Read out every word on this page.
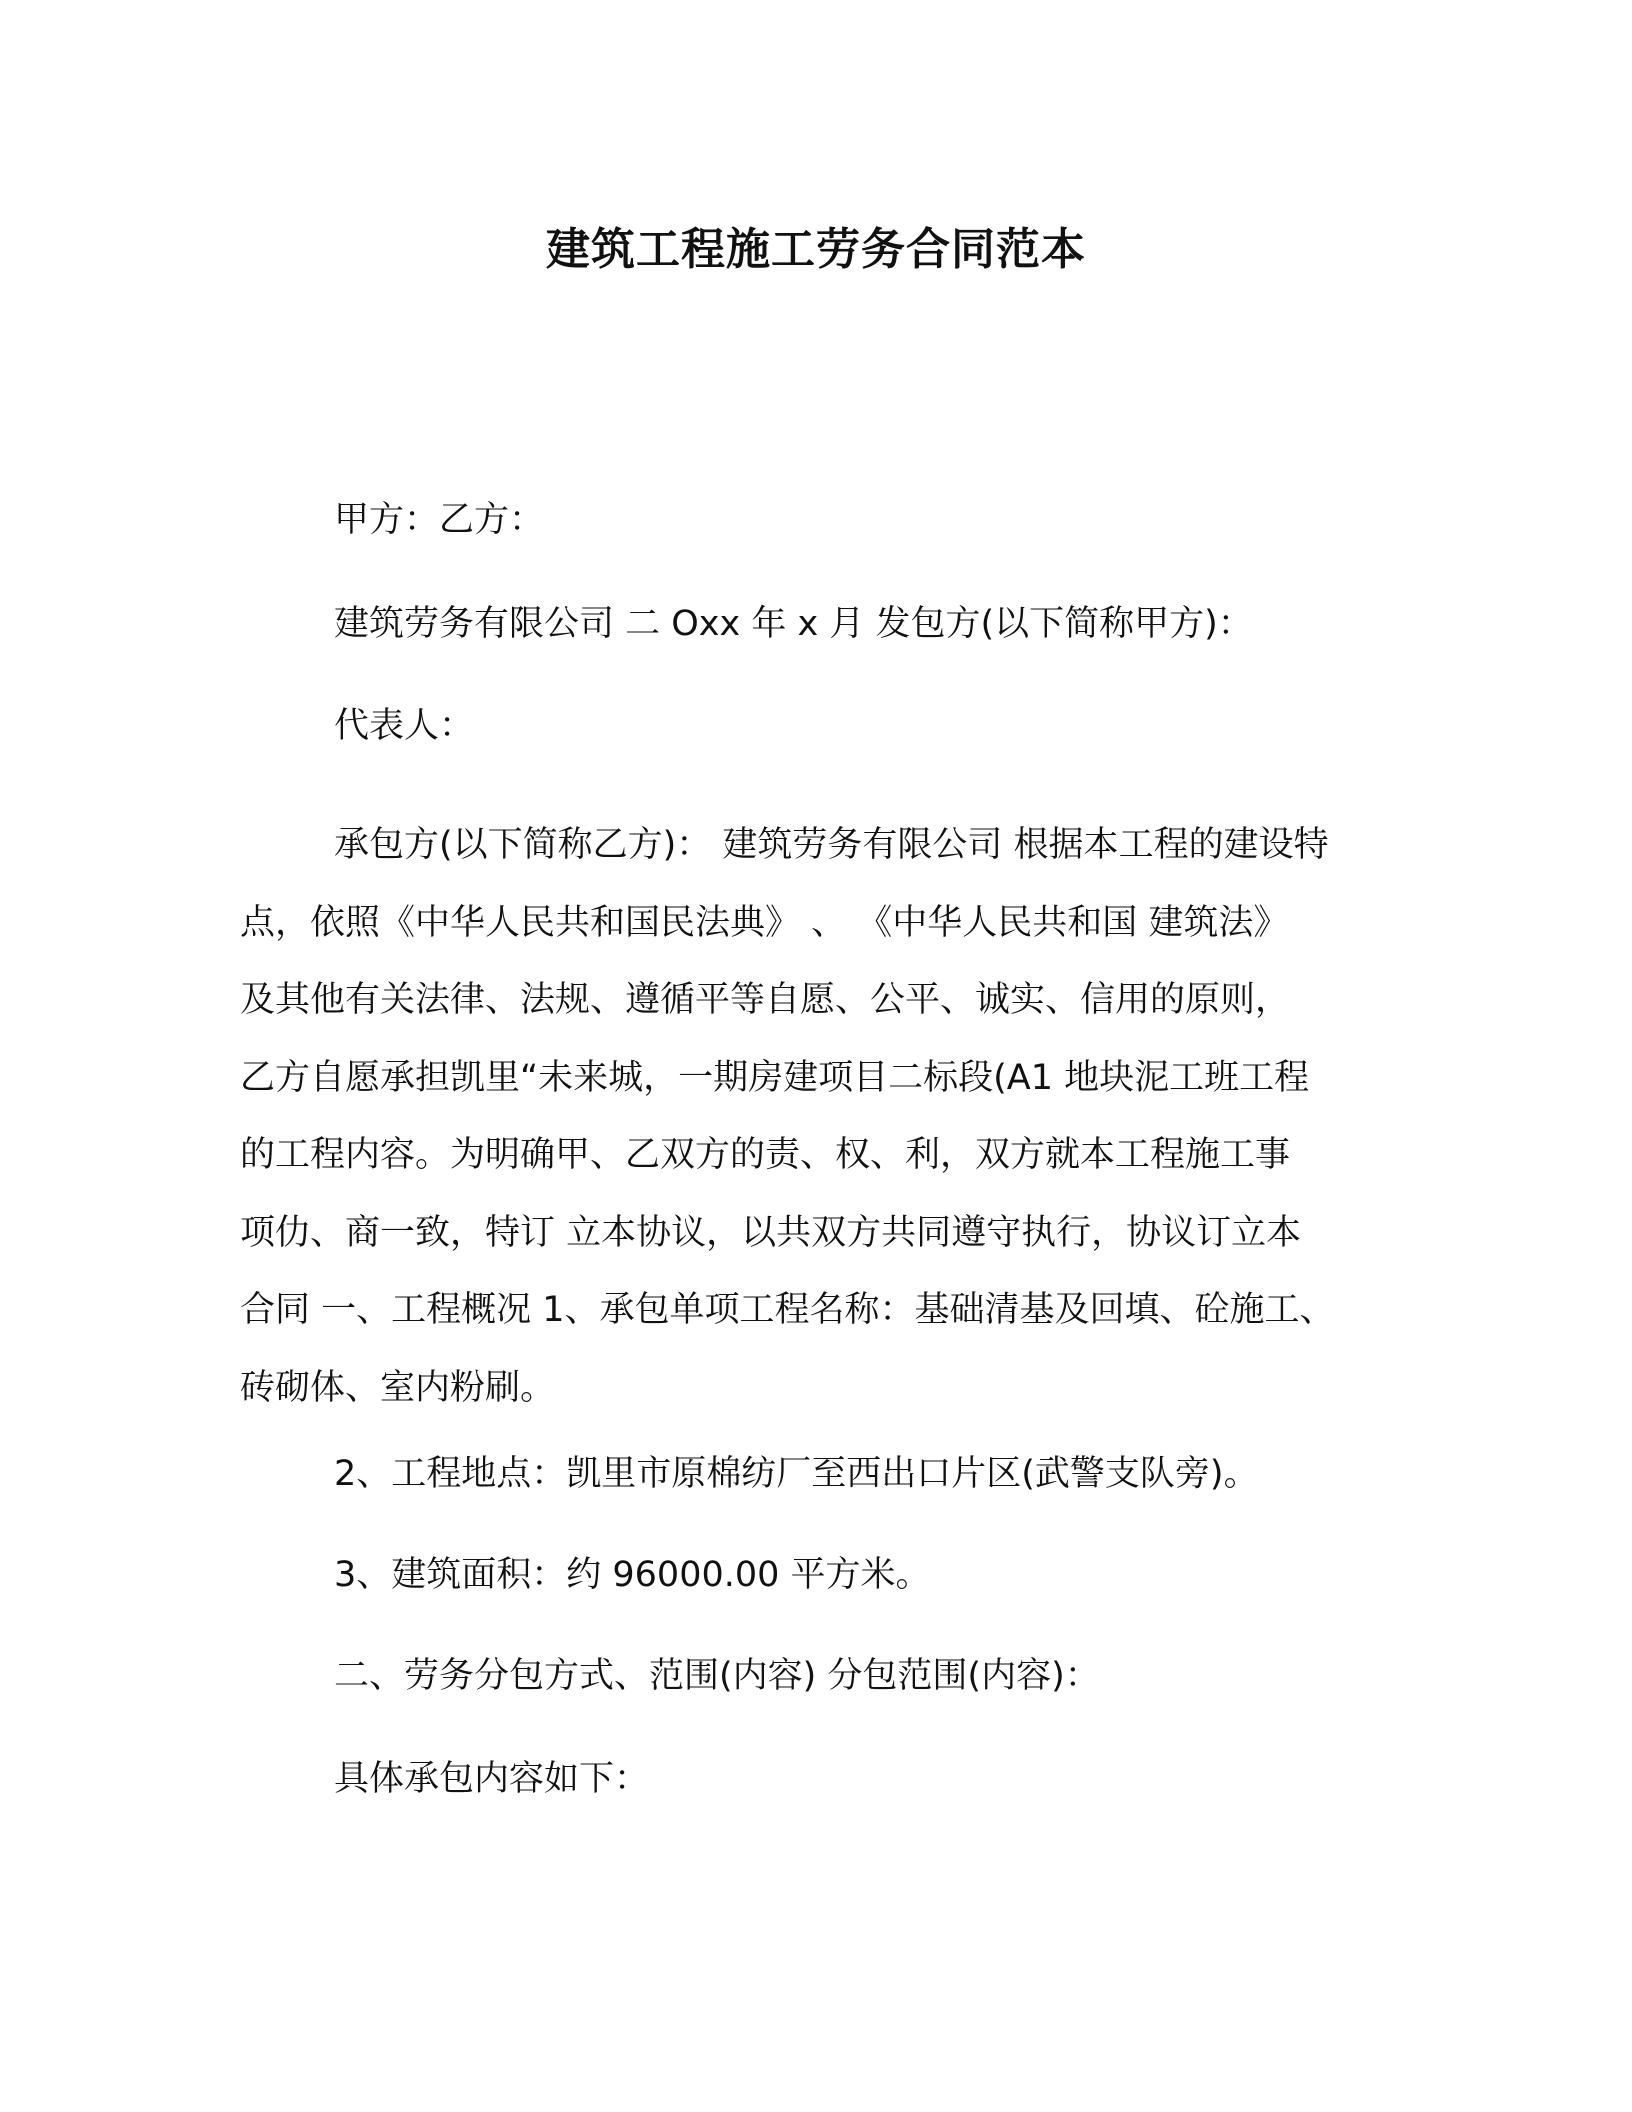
建筑工程施工劳务合同范本
甲方：乙方：
建筑劳务有限公司 二 Oxx 年 x 月 发包方(以下简称甲方)：
代表人：
承包方(以下简称乙方)： 建筑劳务有限公司 根据本工程的建设特
点，依照《中华人民共和国民法典》 、 《中华人民共和国 建筑法》
及其他有关法律、法规、遵循平等自愿、公平、诚实、信用的原则，
乙方自愿承担凯里“未来城，一期房建项目二标段(A1 地块泥工班工程
的工程内容。为明确甲、乙双方的责、权、利，双方就本工程施工事
项仂、商一致，特订 立本协议，以共双方共同遵守执行，协议订立本
合同 一、工程概况 1、承包单项工程名称：基础清基及回填、砼施工、
砖砌体、室内粉刷。
2、工程地点：凯里市原棉纺厂至西出口片区(武警支队旁)。
3、建筑面积：约 96000.00 平方米。
二、劳务分包方式、范围(内容) 分包范围(内容)：
具体承包内容如下：
